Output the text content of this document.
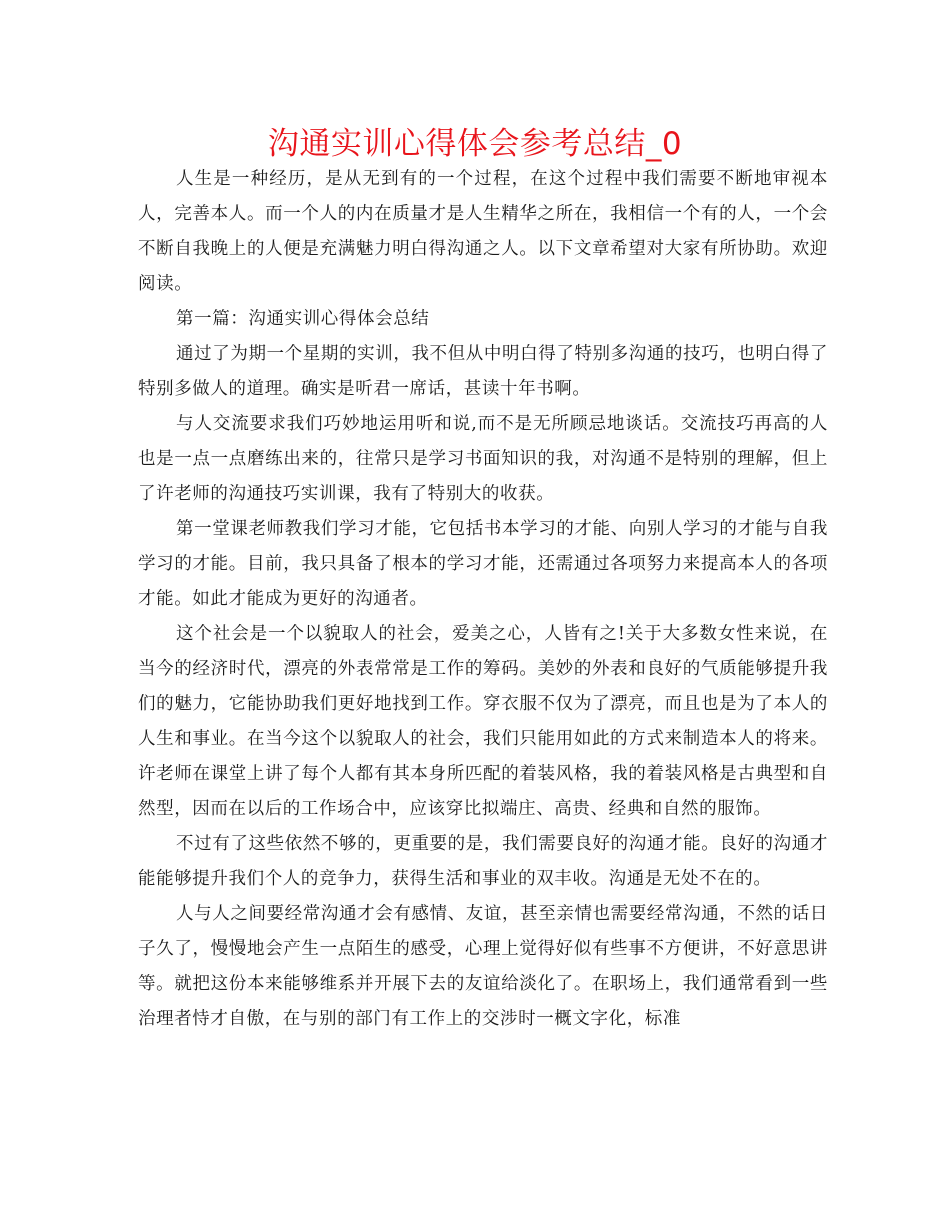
沟通实训心得体会参考总结_0

人生是一种经历，是从无到有的一个过程，在这个过程中我们需要不断地审视本人，完善本人。而一个人的内在质量才是人生精华之所在，我相信一个有的人，一个会不断自我晚上的人便是充满魅力明白得沟通之人。以下文章希望对大家有所协助。欢迎阅读。

第一篇：沟通实训心得体会总结

通过了为期一个星期的实训，我不但从中明白得了特别多沟通的技巧，也明白得了特别多做人的道理。确实是听君一席话，甚读十年书啊。

与人交流要求我们巧妙地运用听和说,而不是无所顾忌地谈话。交流技巧再高的人也是一点一点磨练出来的，往常只是学习书面知识的我，对沟通不是特别的理解，但上了许老师的沟通技巧实训课，我有了特别大的收获。

第一堂课老师教我们学习才能，它包括书本学习的才能、向别人学习的才能与自我学习的才能。目前，我只具备了根本的学习才能，还需通过各项努力来提高本人的各项才能。如此才能成为更好的沟通者。

这个社会是一个以貌取人的社会，爱美之心，人皆有之!关于大多数女性来说，在当今的经济时代，漂亮的外表常常是工作的筹码。美妙的外表和良好的气质能够提升我们的魅力，它能协助我们更好地找到工作。穿衣服不仅为了漂亮，而且也是为了本人的人生和事业。在当今这个以貌取人的社会，我们只能用如此的方式来制造本人的将来。许老师在课堂上讲了每个人都有其本身所匹配的着装风格，我的着装风格是古典型和自然型，因而在以后的工作场合中，应该穿比拟端庄、高贵、经典和自然的服饰。

不过有了这些依然不够的，更重要的是，我们需要良好的沟通才能。良好的沟通才能能够提升我们个人的竞争力，获得生活和事业的双丰收。沟通是无处不在的。

人与人之间要经常沟通才会有感情、友谊，甚至亲情也需要经常沟通，不然的话日子久了，慢慢地会产生一点陌生的感受，心理上觉得好似有些事不方便讲，不好意思讲等。就把这份本来能够维系并开展下去的友谊给淡化了。在职场上，我们通常看到一些治理者恃才自傲，在与别的部门有工作上的交涉时一概文字化，标准
